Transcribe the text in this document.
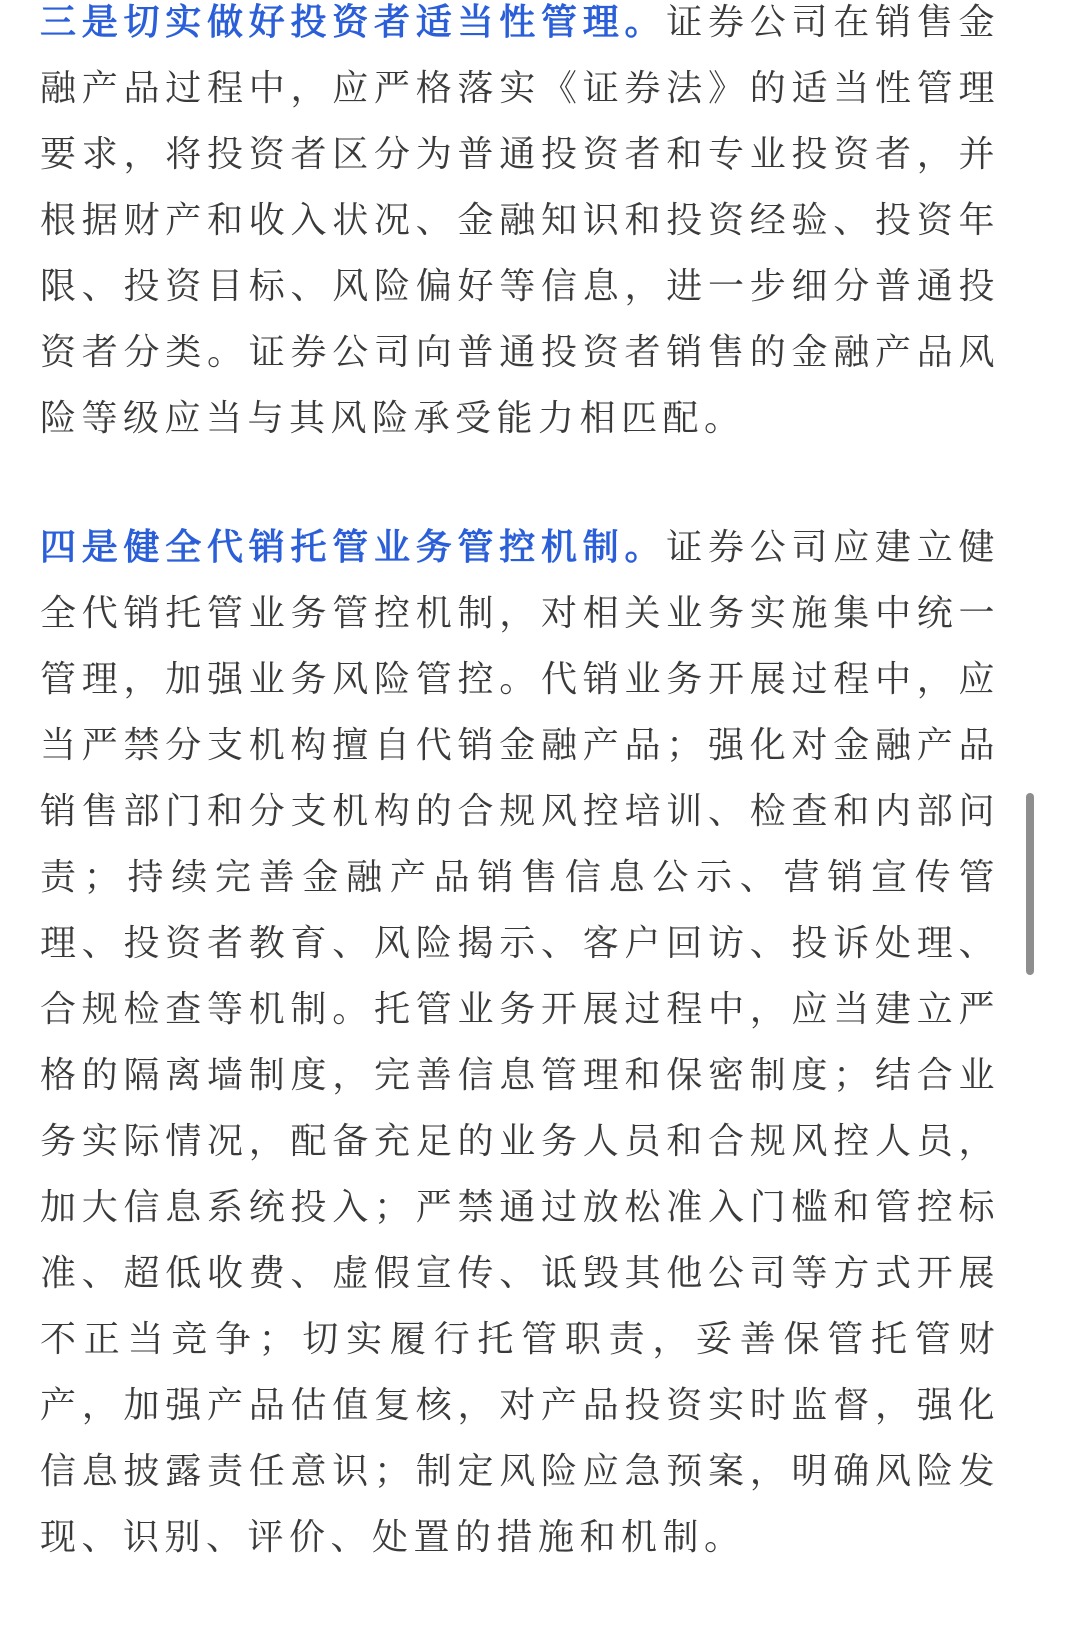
三是切实做好投资者适当性管理。证券公司在销售金融产品过程中，应严格落实《证券法》的适当性管理要求，将投资者区分为普通投资者和专业投资者，并根据财产和收入状况、金融知识和投资经验、投资年限、投资目标、风险偏好等信息，进一步细分普通投资者分类。证券公司向普通投资者销售的金融产品风险等级应当与其风险承受能力相匹配。

四是健全代销托管业务管控机制。证券公司应建立健全代销托管业务管控机制，对相关业务实施集中统一管理，加强业务风险管控。代销业务开展过程中，应当严禁分支机构擅自代销金融产品；强化对金融产品销售部门和分支机构的合规风控培训、检查和内部问责；持续完善金融产品销售信息公示、营销宣传管理、投资者教育、风险揭示、客户回访、投诉处理、合规检查等机制。托管业务开展过程中，应当建立严格的隔离墙制度，完善信息管理和保密制度；结合业务实际情况，配备充足的业务人员和合规风控人员，加大信息系统投入；严禁通过放松准入门槛和管控标准、超低收费、虚假宣传、诋毁其他公司等方式开展不正当竞争；切实履行托管职责，妥善保管托管财产，加强产品估值复核，对产品投资实时监督，强化信息披露责任意识；制定风险应急预案，明确风险发现、识别、评价、处置的措施和机制。
